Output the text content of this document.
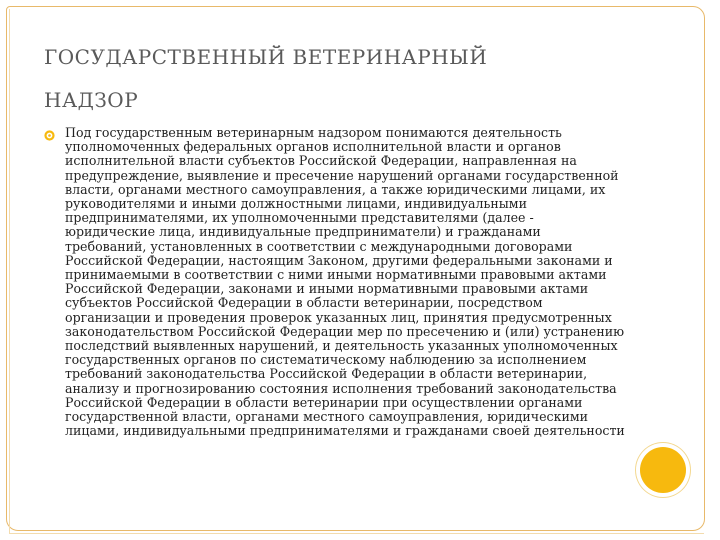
ГОСУДАРСТВЕННЫЙ ВЕТЕРИНАРНЫЙ
НАДЗОР

Под государственным ветеринарным надзором понимаются деятельность уполномоченных федеральных органов исполнительной власти и органов исполнительной власти субъектов Российской Федерации, направленная на предупреждение, выявление и пресечение нарушений органами государственной власти, органами местного самоуправления, а также юридическими лицами, их руководителями и иными должностными лицами, индивидуальными предпринимателями, их уполномоченными представителями (далее - юридические лица, индивидуальные предприниматели) и гражданами требований, установленных в соответствии с международными договорами Российской Федерации, настоящим Законом, другими федеральными законами и принимаемыми в соответствии с ними иными нормативными правовыми актами Российской Федерации, законами и иными нормативными правовыми актами субъектов Российской Федерации в области ветеринарии, посредством организации и проведения проверок указанных лиц, принятия предусмотренных законодательством Российской Федерации мер по пресечению и (или) устранению последствий выявленных нарушений, и деятельность указанных уполномоченных государственных органов по систематическому наблюдению за исполнением требований законодательства Российской Федерации в области ветеринарии, анализу и прогнозированию состояния исполнения требований законодательства Российской Федерации в области ветеринарии при осуществлении органами государственной власти, органами местного самоуправления, юридическими лицами, индивидуальными предпринимателями и гражданами своей деятельности
